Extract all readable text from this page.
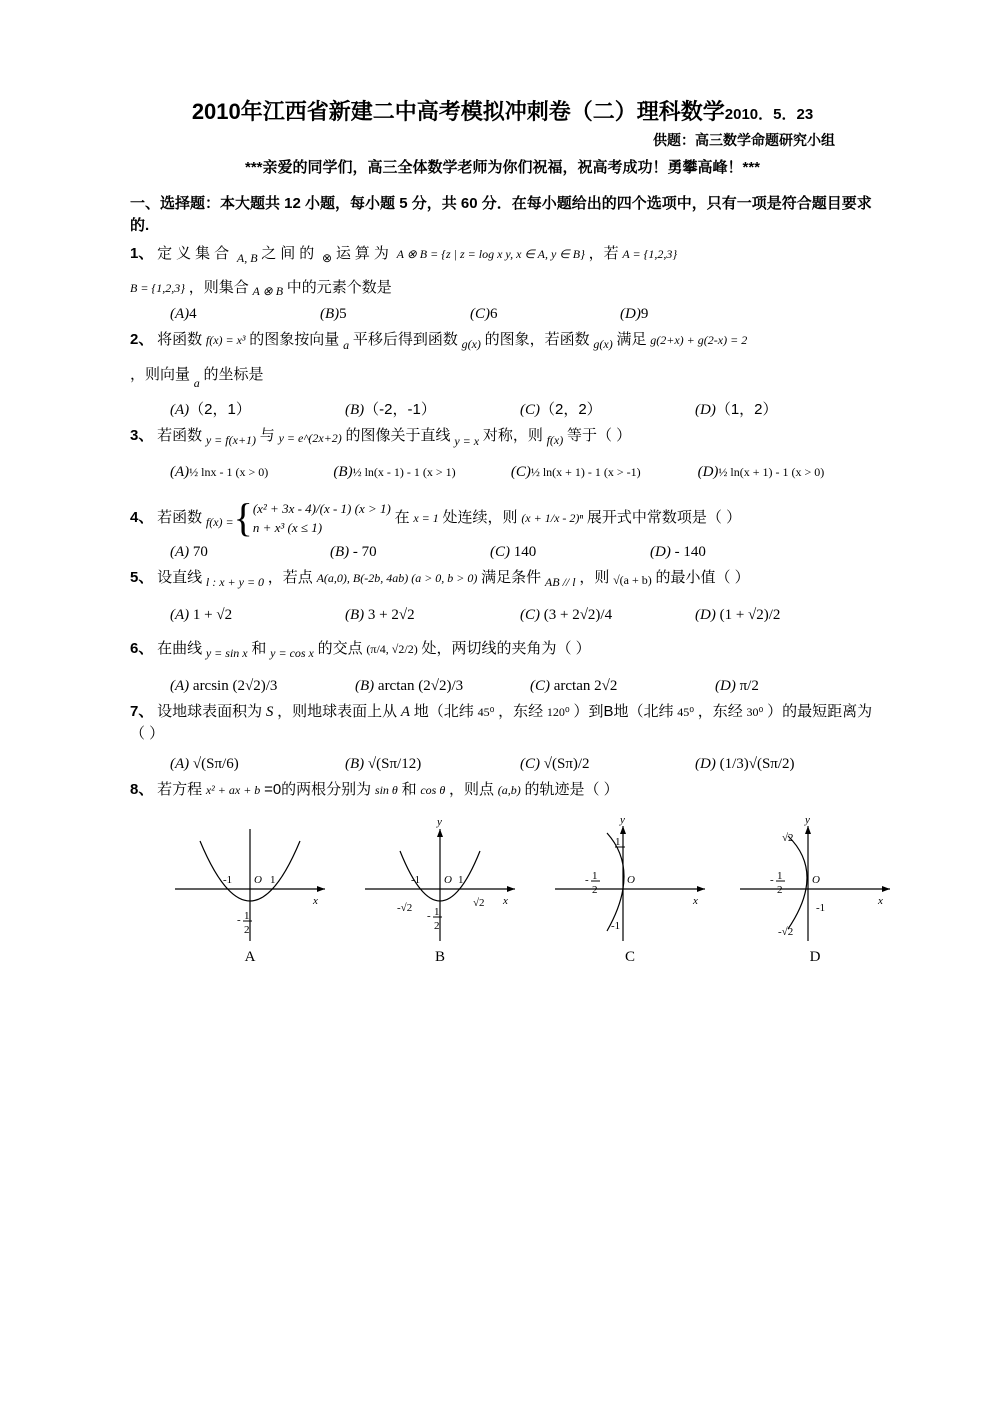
2010年江西省新建二中高考模拟冲刺卷（二）理科数学2010．5．23
供题：高三数学命题研究小组
***亲爱的同学们，高三全体数学老师为你们祝福，祝高考成功！勇攀高峰！***
一、选择题：本大题共 12 小题，每小题 5 分，共 60 分．在每小题给出的四个选项中，只有一项是符合题目要求的.
1、 定义集合 $_{A, B}$ 之间的 $_\otimes$ 运算为 A ⊗ B = {z | z = log x y, x ∈ A, y ∈ B} ，若 A = {1,2,3}
B = {1,2,3} ，则集合 $_{A \otimes B}$ 中的元素个数是
(A)4	(B)5	(C)6	(D)9
2、 将函数 f(x) = x³ 的图象按向量 $_a$ 平移后得到函数 $_{g(x)}$ 的图象，若函数 $_{g(x)}$ 满足 g(2+x) + g(2-x) = 2
，则向量 $_a$ 的坐标是
(A)（2，1）	(B)（-2，-1）	(C)（2，2）	(D)（1，2）
3、 若函数 $_{y = f(x+1)}$ 与 y = e^(2x+2) 的图像关于直线 $_{y = x}$ 对称，则 $_{f(x)}$ 等于（ ）
(A)½ lnx - 1 (x > 0)	(B)½ ln(x - 1) - 1 (x > 1)	(C)½ ln(x + 1) - 1 (x > -1)	(D)½ ln(x + 1) - 1 (x > 0)
4、 若函数 $_{f(x) =}${ (x² + 3x - 4)/(x - 1) (x > 1)
n + x³ (x ≤ 1)
在 x = 1 处连续，则 (x + 1/x - 2)ⁿ 展开式中常数项是（ ）
(A) 70	(B) - 70	(C) 140	(D) - 140
5、 设直线 $_{l : x + y = 0}$ ，若点 A(a,0), B(-2b, 4ab) (a > 0, b > 0) 满足条件 $_{AB // l}$ ，则 √(a + b) 的最小值（ ）
(A) 1 + √2	(B) 3 + 2√2	(C) (3 + 2√2)/4	(D) (1 + √2)/2
6、 在曲线 $_{y = sin x}$ 和 $_{y = cos x}$ 的交点 (π/4, √2/2) 处，两切线的夹角为（ ）
(A) arcsin (2√2)/3	(B) arctan (2√2)/3	(C) arctan 2√2	(D) π/2
7、 设地球表面积为 S ，则地球表面上从 A 地（北纬 45⁰ ，东经 120⁰ ）到B地（北纬 45⁰ ，东经 30⁰ ）的最短距离为（ ）
(A) √(Sπ/6)	(B) √(Sπ/12)	(C) √(Sπ)/2	(D) (1/3)√(Sπ/2)
8、 若方程 x² + ax + b =0的两根分别为 sin θ 和 cos θ ，则点 (a,b) 的轨迹是（ ）
-1 O 1
x
- 1
2
A
-1 O 1
x
y
√2
-√2
- 1
2
B
- 1
2
O
1
x
y
-1
C
- 1
2
O
√2
x
y
-1
-√2
D
